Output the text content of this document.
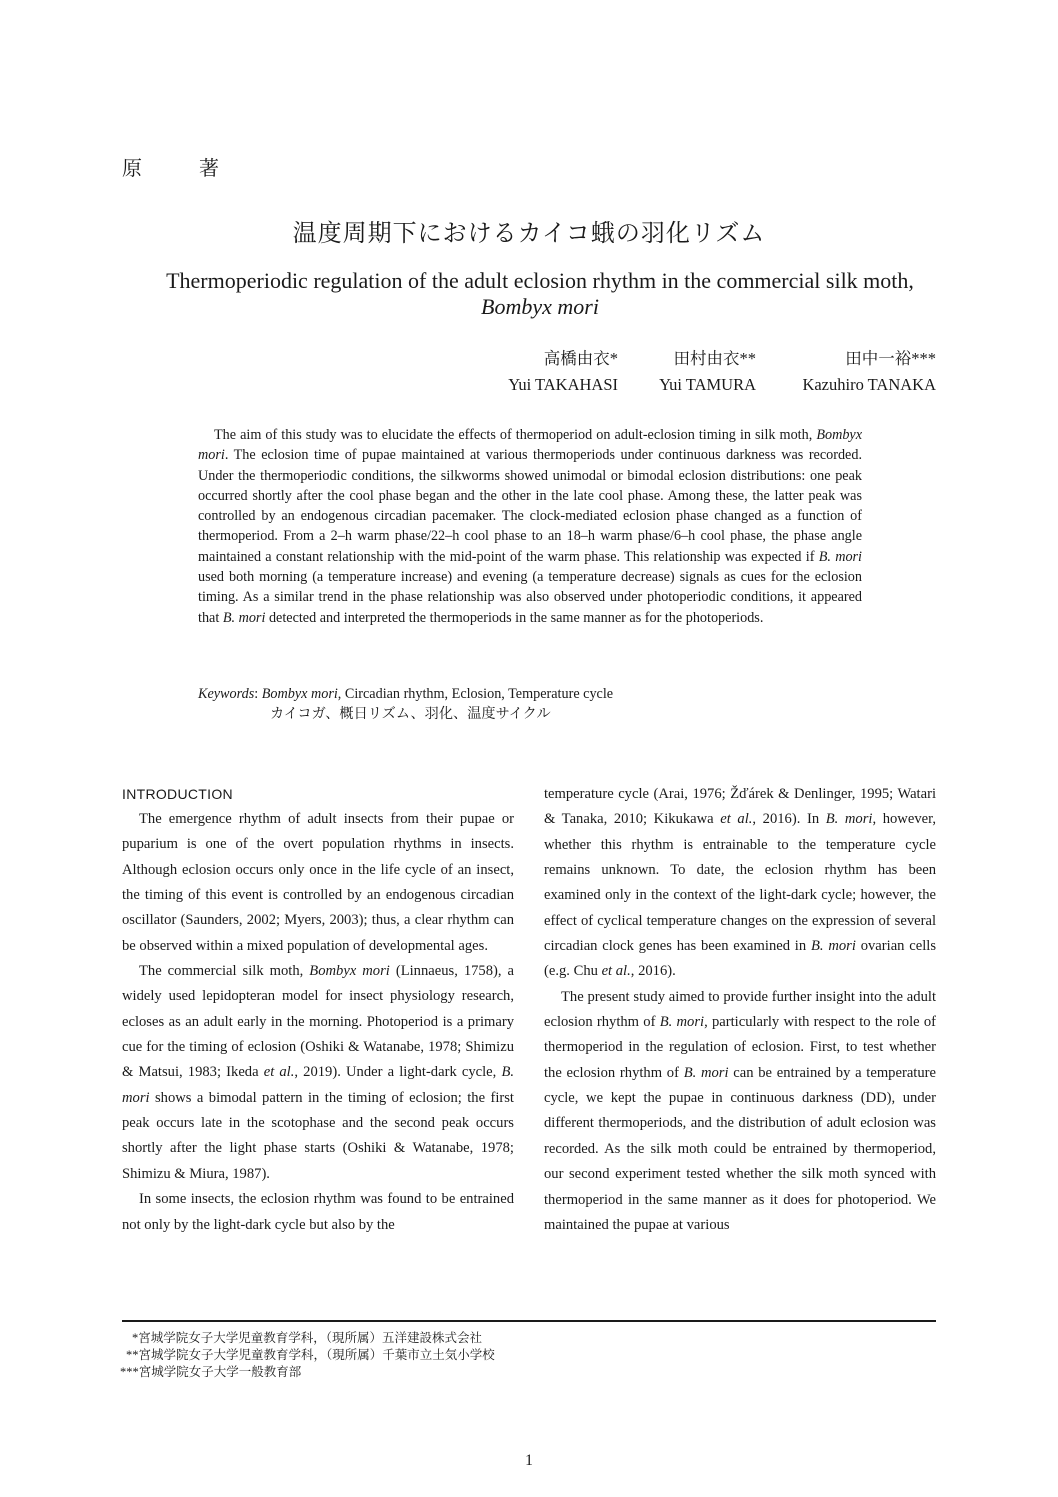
原 著
温度周期下におけるカイコ蛾の羽化リズム
Thermoperiodic regulation of the adult eclosion rhythm in the commercial silk moth,
Bombyx mori
高橋由衣*
Yui TAKAHASI
田村由衣**
Yui TAMURA
田中一裕***
Kazuhiro TANAKA

The aim of this study was to elucidate the effects of thermoperiod on adult-eclosion timing in silk moth, Bombyx mori. The eclosion time of pupae maintained at various thermoperiods under continuous darkness was recorded. Under the thermoperiodic conditions, the silkworms showed unimodal or bimodal eclosion distributions: one peak occurred shortly after the cool phase began and the other in the late cool phase. Among these, the latter peak was controlled by an endogenous circadian pacemaker. The clock-mediated eclosion phase changed as a function of thermoperiod. From a 2–h warm phase/22–h cool phase to an 18–h warm phase/6–h cool phase, the phase angle maintained a constant relationship with the mid-point of the warm phase. This relationship was expected if B. mori used both morning (a temperature increase) and evening (a temperature decrease) signals as cues for the eclosion timing. As a similar trend in the phase relationship was also observed under photoperiodic conditions, it appeared that B. mori detected and interpreted the thermoperiods in the same manner as for the photoperiods.

Keywords: Bombyx mori, Circadian rhythm, Eclosion, Temperature cycle
カイコガ、概日リズム、羽化、温度サイクル
INTRODUCTION

The emergence rhythm of adult insects from their pupae or puparium is one of the overt population rhythms in insects. Although eclosion occurs only once in the life cycle of an insect, the timing of this event is controlled by an endogenous circadian oscillator (Saunders, 2002; Myers, 2003); thus, a clear rhythm can be observed within a mixed population of developmental ages.

The commercial silk moth, Bombyx mori (Linnaeus, 1758), a widely used lepidopteran model for insect physiology research, ecloses as an adult early in the morning. Photoperiod is a primary cue for the timing of eclosion (Oshiki & Watanabe, 1978; Shimizu & Matsui, 1983; Ikeda et al., 2019). Under a light-dark cycle, B. mori shows a bimodal pattern in the timing of eclosion; the first peak occurs late in the scotophase and the second peak occurs shortly after the light phase starts (Oshiki & Watanabe, 1978; Shimizu & Miura, 1987).

In some insects, the eclosion rhythm was found to be entrained not only by the light-dark cycle but also by the

temperature cycle (Arai, 1976; Žďárek & Denlinger, 1995; Watari & Tanaka, 2010; Kikukawa et al., 2016). In B. mori, however, whether this rhythm is entrainable to the temperature cycle remains unknown. To date, the eclosion rhythm has been examined only in the context of the light-dark cycle; however, the effect of cyclical temperature changes on the expression of several circadian clock genes has been examined in B. mori ovarian cells (e.g. Chu et al., 2016).

The present study aimed to provide further insight into the adult eclosion rhythm of B. mori, particularly with respect to the role of thermoperiod in the regulation of eclosion. First, to test whether the eclosion rhythm of B. mori can be entrained by a temperature cycle, we kept the pupae in continuous darkness (DD), under different thermoperiods, and the distribution of adult eclosion was recorded. As the silk moth could be entrained by thermoperiod, our second experiment tested whether the silk moth synced with thermoperiod in the same manner as it does for photoperiod. We maintained the pupae at various

*宮城学院女子大学児童教育学科，（現所属）五洋建設株式会社
**宮城学院女子大学児童教育学科，（現所属）千葉市立土気小学校
***宮城学院女子大学一般教育部
1
